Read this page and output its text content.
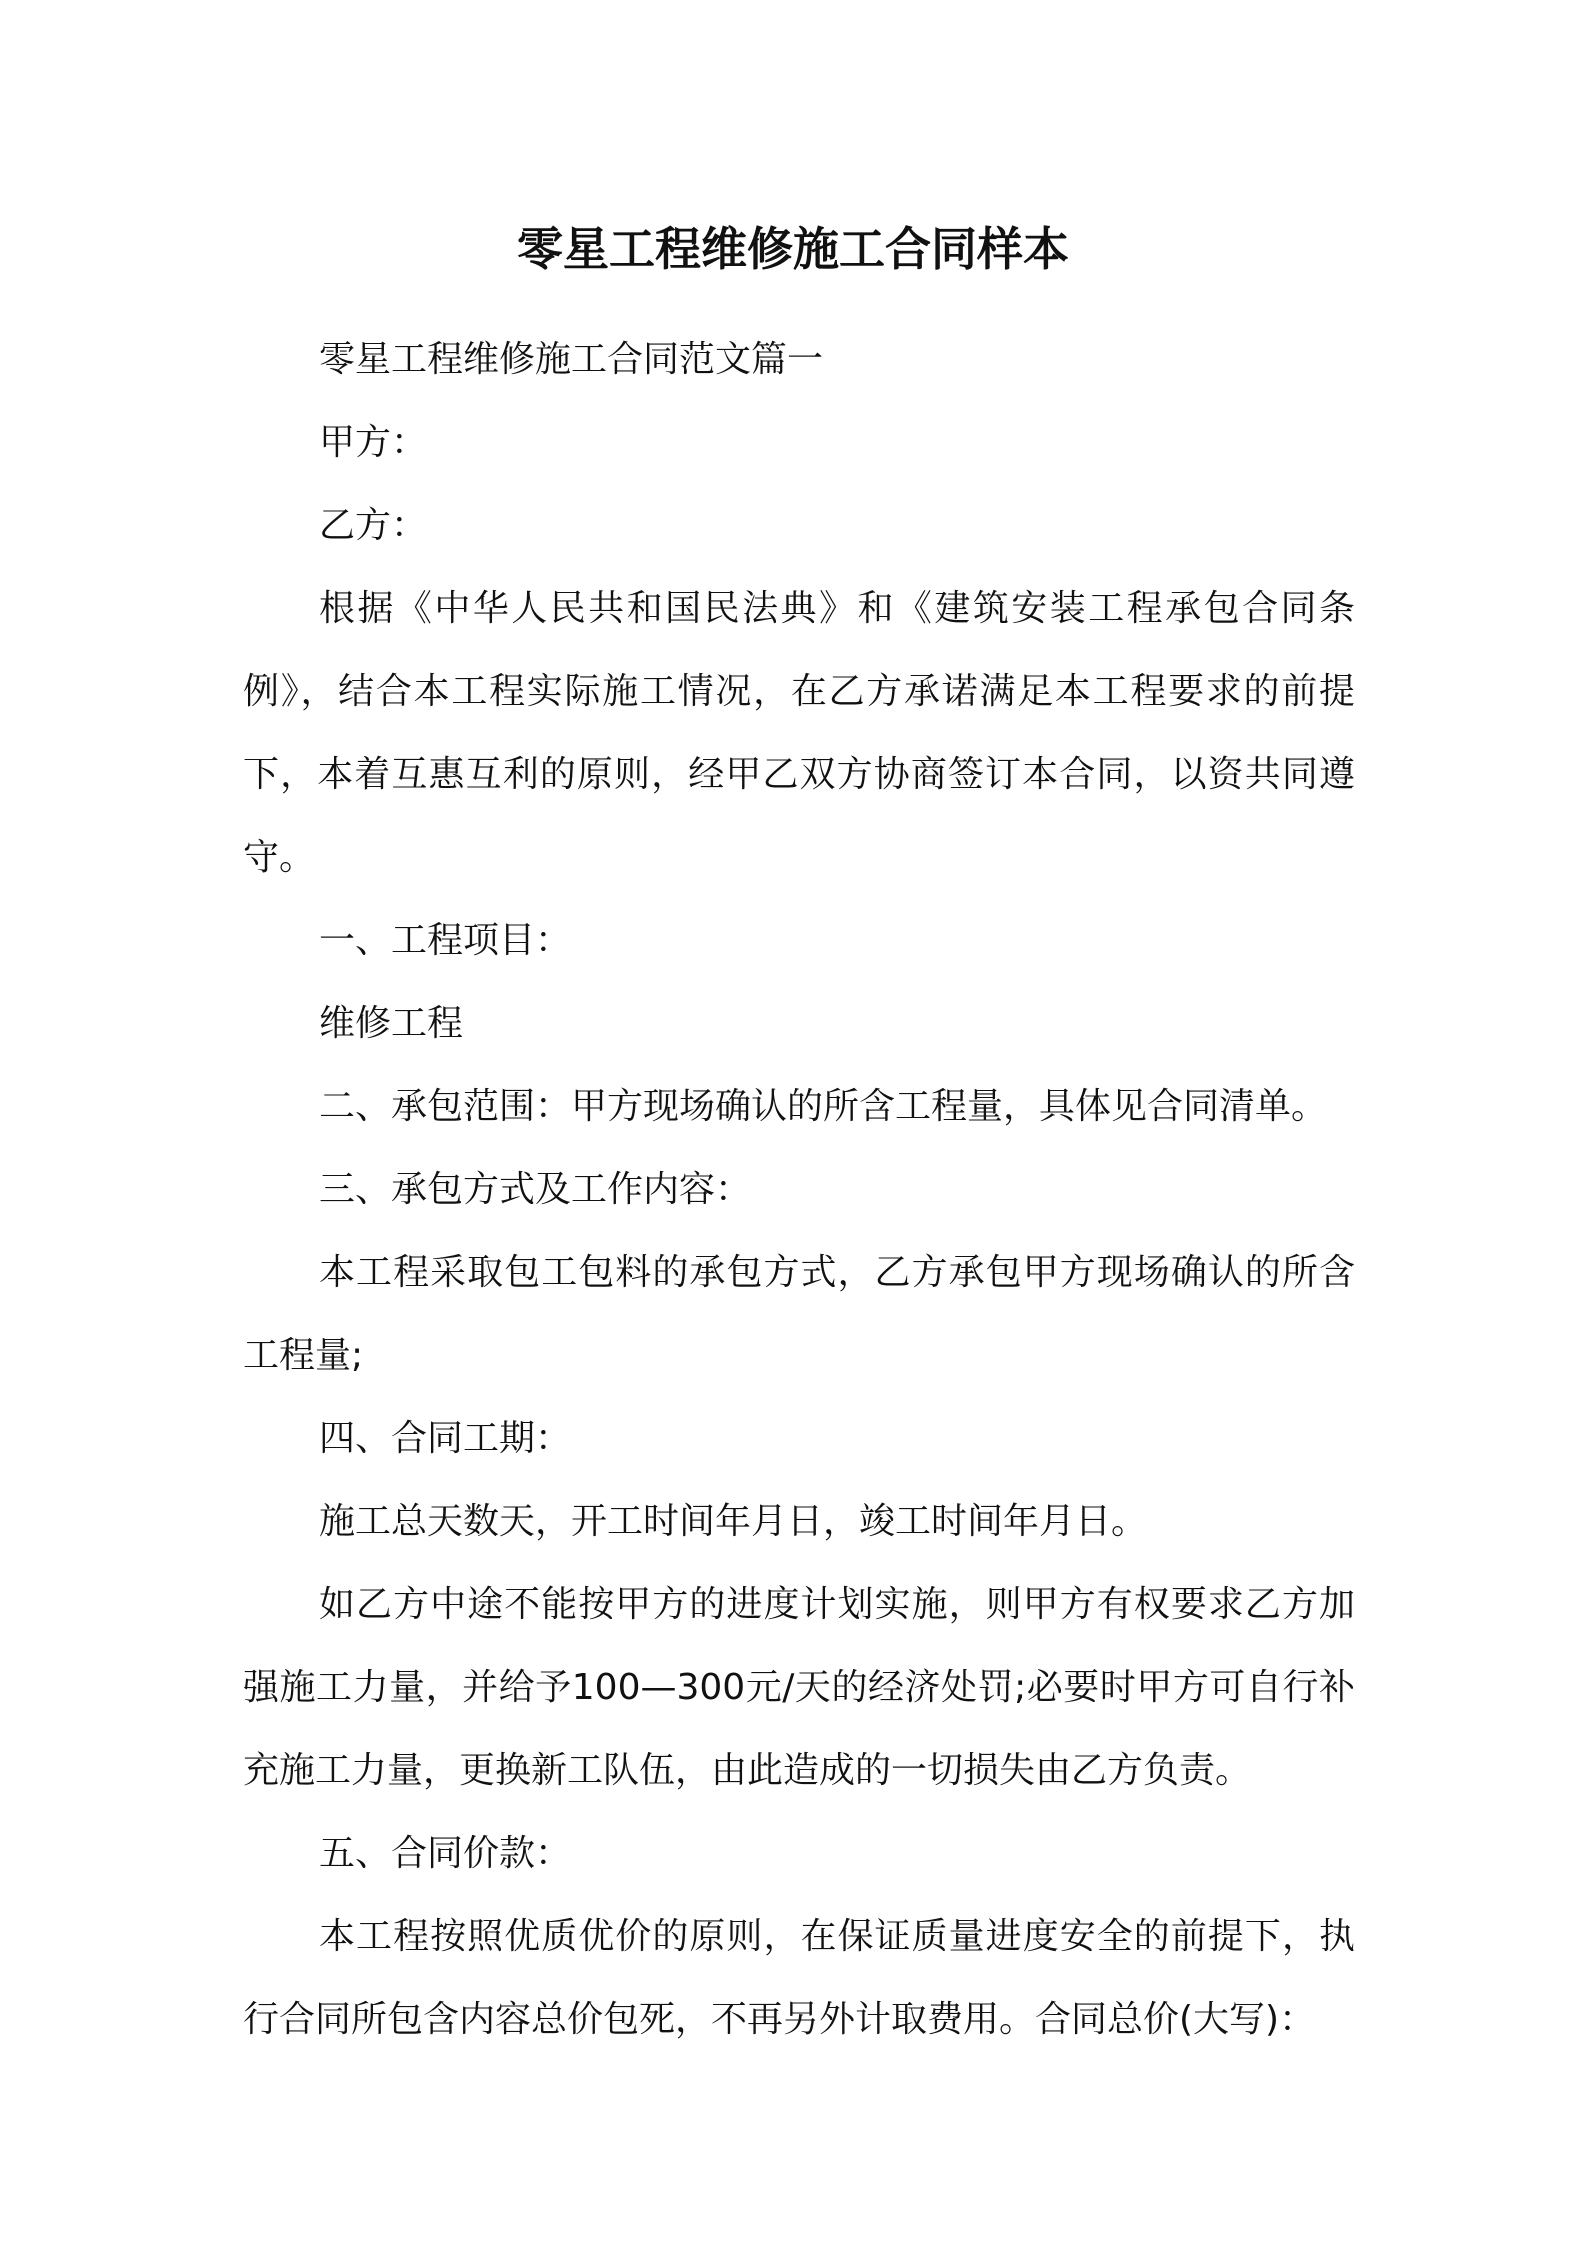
零星工程维修施工合同样本

零星工程维修施工合同范文篇一

甲方：

乙方：

根据《中华人民共和国民法典》和《建筑安装工程承包合同条例》，结合本工程实际施工情况，在乙方承诺满足本工程要求的前提下，本着互惠互利的原则，经甲乙双方协商签订本合同，以资共同遵守。

一、工程项目：

维修工程

二、承包范围：甲方现场确认的所含工程量，具体见合同清单。

三、承包方式及工作内容：

本工程采取包工包料的承包方式，乙方承包甲方现场确认的所含工程量;

四、合同工期：

施工总天数天，开工时间年月日，竣工时间年月日。

如乙方中途不能按甲方的进度计划实施，则甲方有权要求乙方加强施工力量，并给予100—300元/天的经济处罚;必要时甲方可自行补充施工力量，更换新工队伍，由此造成的一切损失由乙方负责。

五、合同价款：

本工程按照优质优价的原则，在保证质量进度安全的前提下，执行合同所包含内容总价包死，不再另外计取费用。合同总价(大写)：
